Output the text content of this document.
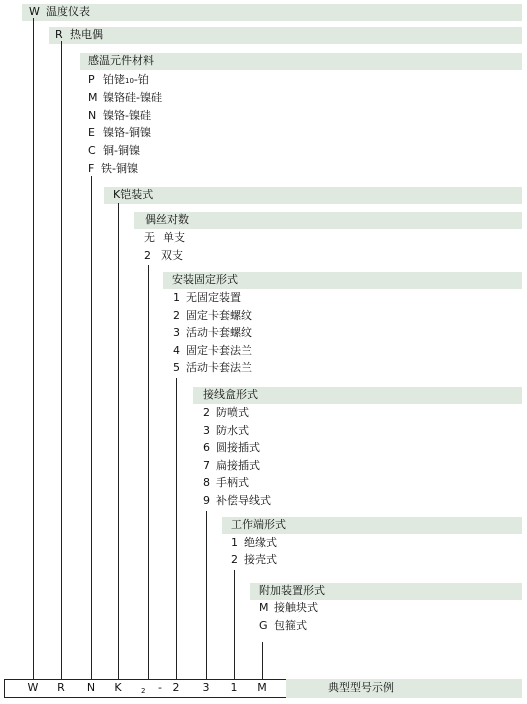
W 温度仪表
R 热电偶
感温元件材料
P 铂铑10-铂
M 镍铬硅-镍硅
N 镍铬-镍硅
E 镍铬-铜镍
C 铜-铜镍
F 铁-铜镍
K铠装式
偶丝对数
无 单支
2 双支
安装固定形式
1 无固定装置
2 固定卡套螺纹
3 活动卡套螺纹
4 固定卡套法兰
5 活动卡套法兰
接线盒形式
2 防喷式
3 防水式
6 圆接插式
7 扁接插式
8 手柄式
9 补偿导线式
工作端形式
1 绝缘式
2 接壳式
附加装置形式
M 接触块式
G 包箍式
典型型号示例
W R N	K	2	- 2	3	1	M
